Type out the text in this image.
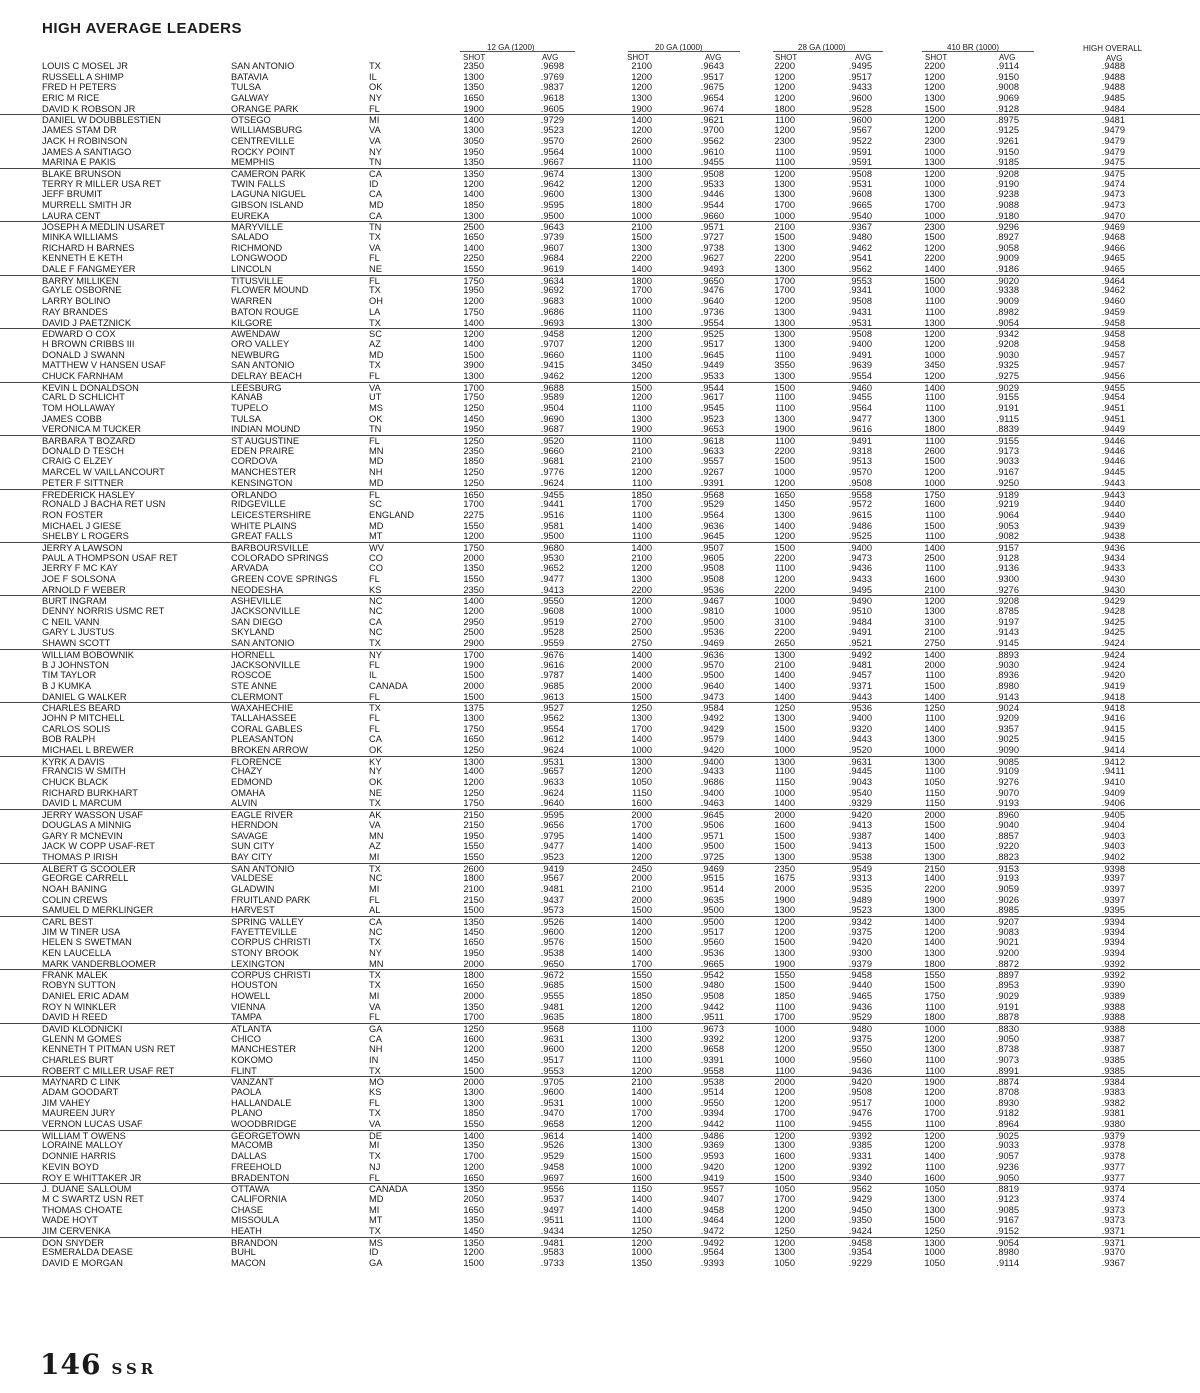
HIGH AVERAGE LEADERS
12 GA (1200)	20 GA (1000)	28 GA (1000)	410 BR (1000)	HIGH OVERALL
SHOT	AVG	SHOT	AVG	SHOT	AVG	SHOT	AVG	AVG
LOUIS C MOSEL JR	SAN ANTONIO	TX	2350	.9698	2100	.9643	2200	.9495	2200	.9114	.9488
RUSSELL A SHIMP	BATAVIA	IL	1300	.9769	1200	.9517	1200	.9517	1200	.9150	.9488
FRED H PETERS	TULSA	OK	1350	.9837	1200	.9675	1200	.9433	1200	.9008	.9488
ERIC M RICE	GALWAY	NY	1650	.9618	1300	.9654	1200	.9600	1300	.9069	.9485
DAVID K ROBSON JR	ORANGE PARK	FL	1900	.9605	1900	.9674	1800	.9528	1500	.9128	.9484
DANIEL W DOUBBLESTIEN	OTSEGO	MI	1400	.9729	1400	.9621	1100	.9600	1200	.8975	.9481
JAMES STAM DR	WILLIAMSBURG	VA	1300	.9523	1200	.9700	1200	.9567	1200	.9125	.9479
JACK H ROBINSON	CENTREVILLE	VA	3050	.9570	2600	.9562	2300	.9522	2300	.9261	.9479
JAMES A SANTIAGO	ROCKY POINT	NY	1950	.9564	1000	.9610	1100	.9591	1000	.9150	.9479
MARINA E PAKIS	MEMPHIS	TN	1350	.9667	1100	.9455	1100	.9591	1300	.9185	.9475
BLAKE BRUNSON	CAMERON PARK	CA	1350	.9674	1300	.9508	1200	.9508	1200	.9208	.9475
TERRY R MILLER USA RET	TWIN FALLS	ID	1200	.9642	1200	.9533	1300	.9531	1000	.9190	.9474
JEFF BRUMIT	LAGUNA NIGUEL	CA	1400	.9600	1300	.9446	1300	.9608	1300	.9238	.9473
MURRELL SMITH JR	GIBSON ISLAND	MD	1850	.9595	1800	.9544	1700	.9665	1700	.9088	.9473
LAURA CENT	EUREKA	CA	1300	.9500	1000	.9660	1000	.9540	1000	.9180	.9470
JOSEPH A MEDLIN USARET	MARYVILLE	TN	2500	.9643	2100	.9571	2100	.9367	2300	.9296	.9469
MINKA WILLIAMS	SALADO	TX	1650	.9739	1500	.9727	1500	.9480	1500	.8927	.9468
RICHARD H BARNES	RICHMOND	VA	1400	.9607	1300	.9738	1300	.9462	1200	.9058	.9466
KENNETH E KETH	LONGWOOD	FL	2250	.9684	2200	.9627	2200	.9541	2200	.9009	.9465
DALE F FANGMEYER	LINCOLN	NE	1550	.9619	1400	.9493	1300	.9562	1400	.9186	.9465
BARRY MILLIKEN	TITUSVILLE	FL	1750	.9634	1800	.9650	1700	.9553	1500	.9020	.9464
GAYLE OSBORNE	FLOWER MOUND	TX	1950	.9692	1700	.9476	1700	.9341	1000	.9338	.9462
LARRY BOLINO	WARREN	OH	1200	.9683	1000	.9640	1200	.9508	1100	.9009	.9460
RAY BRANDES	BATON ROUGE	LA	1750	.9686	1100	.9736	1300	.9431	1100	.8982	.9459
DAVID J PAETZNICK	KILGORE	TX	1400	.9693	1300	.9554	1300	.9531	1300	.9054	.9458
EDWARD O COX	AWENDAW	SC	1200	.9458	1200	.9525	1300	.9508	1200	.9342	.9458
H BROWN CRIBBS III	ORO VALLEY	AZ	1400	.9707	1200	.9517	1300	.9400	1200	.9208	.9458
DONALD J SWANN	NEWBURG	MD	1500	.9660	1100	.9645	1100	.9491	1000	.9030	.9457
MATTHEW V HANSEN USAF	SAN ANTONIO	TX	3900	.9415	3450	.9449	3550	.9639	3450	.9325	.9457
CHUCK FARNHAM	DELRAY BEACH	FL	1300	.9462	1200	.9533	1300	.9554	1200	.9275	.9456
KEVIN L DONALDSON	LEESBURG	VA	1700	.9688	1500	.9544	1500	.9460	1400	.9029	.9455
CARL D SCHLICHT	KANAB	UT	1750	.9589	1200	.9617	1100	.9455	1100	.9155	.9454
TOM HOLLAWAY	TUPELO	MS	1250	.9504	1100	.9545	1100	.9564	1100	.9191	.9451
JAMES COBB	TULSA	OK	1450	.9690	1300	.9523	1300	.9477	1300	.9115	.9451
VERONICA M TUCKER	INDIAN MOUND	TN	1950	.9687	1900	.9653	1900	.9616	1800	.8839	.9449
BARBARA T BOZARD	ST AUGUSTINE	FL	1250	.9520	1100	.9618	1100	.9491	1100	.9155	.9446
DONALD D TESCH	EDEN PRAIRE	MN	2350	.9660	2100	.9633	2200	.9318	2600	.9173	.9446
CRAIG C ELZEY	CORDOVA	MD	1850	.9681	2100	.9557	1500	.9513	1500	.9033	.9446
MARCEL W VAILLANCOURT	MANCHESTER	NH	1250	.9776	1200	.9267	1000	.9570	1200	.9167	.9445
PETER F SITTNER	KENSINGTON	MD	1250	.9624	1100	.9391	1200	.9508	1000	.9250	.9443
FREDERICK HASLEY	ORLANDO	FL	1650	.9455	1850	.9568	1650	.9558	1750	.9189	.9443
RONALD J BACHA RET USN	RIDGEVILLE	SC	1700	.9441	1700	.9529	1450	.9572	1600	.9219	.9440
RON FOSTER	LEICESTERSHIRE	ENGLAND	2275	.9516	1100	.9564	1300	.9615	1100	.9064	.9440
MICHAEL J GIESE	WHITE PLAINS	MD	1550	.9581	1400	.9636	1400	.9486	1500	.9053	.9439
SHELBY L ROGERS	GREAT FALLS	MT	1200	.9500	1100	.9645	1200	.9525	1100	.9082	.9438
JERRY A LAWSON	BARBOURSVILLE	WV	1750	.9680	1400	.9507	1500	.9400	1400	.9157	.9436
PAUL A THOMPSON USAF RET	COLORADO SPRINGS	CO	2000	.9530	2100	.9605	2200	.9473	2500	.9128	.9434
JERRY F MC KAY	ARVADA	CO	1350	.9652	1200	.9508	1100	.9436	1100	.9136	.9433
JOE F SOLSONA	GREEN COVE SPRINGS	FL	1550	.9477	1300	.9508	1200	.9433	1600	.9300	.9430
ARNOLD F WEBER	NEODESHA	KS	2350	.9413	2200	.9536	2200	.9495	2100	.9276	.9430
BURT INGRAM	ASHEVILLE	NC	1400	.9550	1200	.9467	1000	.9490	1200	.9208	.9429
DENNY NORRIS USMC RET	JACKSONVILLE	NC	1200	.9608	1000	.9810	1000	.9510	1300	.8785	.9428
C NEIL VANN	SAN DIEGO	CA	2950	.9519	2700	.9500	3100	.9484	3100	.9197	.9425
GARY L JUSTUS	SKYLAND	NC	2500	.9528	2500	.9536	2200	.9491	2100	.9143	.9425
SHAWN SCOTT	SAN ANTONIO	TX	2900	.9559	2750	.9469	2650	.9521	2750	.9145	.9424
WILLIAM BOBOWNIK	HORNELL	NY	1700	.9676	1400	.9636	1300	.9492	1400	.8893	.9424
B J JOHNSTON	JACKSONVILLE	FL	1900	.9616	2000	.9570	2100	.9481	2000	.9030	.9424
TIM TAYLOR	ROSCOE	IL	1500	.9787	1400	.9500	1400	.9457	1100	.8936	.9420
B J KUMKA	STE ANNE	CANADA	2000	.9685	2000	.9640	1400	.9371	1500	.8980	.9419
DANIEL G WALKER	CLERMONT	FL	1500	.9613	1500	.9473	1400	.9443	1400	.9143	.9418
CHARLES BEARD	WAXAHECHIE	TX	1375	.9527	1250	.9584	1250	.9536	1250	.9024	.9418
JOHN P MITCHELL	TALLAHASSEE	FL	1300	.9562	1300	.9492	1300	.9400	1100	.9209	.9416
CARLOS SOLIS	CORAL GABLES	FL	1750	.9554	1700	.9429	1500	.9320	1400	.9357	.9415
BOB RALPH	PLEASANTON	CA	1650	.9612	1400	.9579	1400	.9443	1300	.9025	.9415
MICHAEL L BREWER	BROKEN ARROW	OK	1250	.9624	1000	.9420	1000	.9520	1000	.9090	.9414
KYRK A DAVIS	FLORENCE	KY	1300	.9531	1300	.9400	1300	.9631	1300	.9085	.9412
FRANCIS W SMITH	CHAZY	NY	1400	.9657	1200	.9433	1100	.9445	1100	.9109	.9411
CHUCK BLACK	EDMOND	OK	1200	.9633	1050	.9686	1150	.9043	1050	.9276	.9410
RICHARD BURKHART	OMAHA	NE	1250	.9624	1150	.9400	1000	.9540	1150	.9070	.9409
DAVID L MARCUM	ALVIN	TX	1750	.9640	1600	.9463	1400	.9329	1150	.9193	.9406
JERRY WASSON USAF	EAGLE RIVER	AK	2150	.9595	2000	.9645	2000	.9420	2000	.8960	.9405
DOUGLAS A MINNIG	HERNDON	VA	2150	.9656	1700	.9506	1600	.9413	1500	.9040	.9404
GARY R MCNEVIN	SAVAGE	MN	1950	.9795	1400	.9571	1500	.9387	1400	.8857	.9403
JACK W COPP USAF-RET	SUN CITY	AZ	1550	.9477	1400	.9500	1500	.9413	1500	.9220	.9403
THOMAS P IRISH	BAY CITY	MI	1550	.9523	1200	.9725	1300	.9538	1300	.8823	.9402
ALBERT G SCOOLER	SAN ANTONIO	TX	2600	.9419	2450	.9469	2350	.9549	2150	.9153	.9398
GEORGE CARRELL	VALDESE	NC	1800	.9567	2000	.9515	1675	.9313	1400	.9193	.9397
NOAH BANING	GLADWIN	MI	2100	.9481	2100	.9514	2000	.9535	2200	.9059	.9397
COLIN CREWS	FRUITLAND PARK	FL	2150	.9437	2000	.9635	1900	.9489	1900	.9026	.9397
SAMUEL D MERKLINGER	HARVEST	AL	1500	.9573	1500	.9500	1300	.9523	1300	.8985	.9395
CARL BEST	SPRING VALLEY	CA	1350	.9526	1400	.9500	1200	.9342	1400	.9207	.9394
JIM W TINER USA	FAYETTEVILLE	NC	1450	.9600	1200	.9517	1200	.9375	1200	.9083	.9394
HELEN S SWETMAN	CORPUS CHRISTI	TX	1650	.9576	1500	.9560	1500	.9420	1400	.9021	.9394
KEN LAUCELLA	STONY BROOK	NY	1950	.9538	1400	.9536	1300	.9300	1300	.9200	.9394
MARK VANDERBLOOMER	LEXINGTON	MN	2000	.9650	1700	.9665	1900	.9379	1800	.8872	.9392
FRANK MALEK	CORPUS CHRISTI	TX	1800	.9672	1550	.9542	1550	.9458	1550	.8897	.9392
ROBYN SUTTON	HOUSTON	TX	1650	.9685	1500	.9480	1500	.9440	1500	.8953	.9390
DANIEL ERIC ADAM	HOWELL	MI	2000	.9555	1850	.9508	1850	.9465	1750	.9029	.9389
ROY N WINKLER	VIENNA	VA	1350	.9481	1200	.9442	1100	.9436	1100	.9191	.9388
DAVID H REED	TAMPA	FL	1700	.9635	1800	.9511	1700	.9529	1800	.8878	.9388
DAVID KLODNICKI	ATLANTA	GA	1250	.9568	1100	.9673	1000	.9480	1000	.8830	.9388
GLENN M GOMES	CHICO	CA	1600	.9631	1300	.9392	1200	.9375	1200	.9050	.9387
KENNETH T PITMAN USN RET	MANCHESTER	NH	1200	.9600	1200	.9658	1200	.9550	1300	.8738	.9387
CHARLES BURT	KOKOMO	IN	1450	.9517	1100	.9391	1000	.9560	1100	.9073	.9385
ROBERT C MILLER USAF RET	FLINT	TX	1500	.9553	1200	.9558	1100	.9436	1100	.8991	.9385
MAYNARD C LINK	VANZANT	MO	2000	.9705	2100	.9538	2000	.9420	1900	.8874	.9384
ADAM GOODART	PAOLA	KS	1300	.9600	1400	.9514	1200	.9508	1200	.8708	.9383
JIM VAHEY	HALLANDALE	FL	1300	.9531	1000	.9550	1200	.9517	1000	.8930	.9382
MAUREEN JURY	PLANO	TX	1850	.9470	1700	.9394	1700	.9476	1700	.9182	.9381
VERNON LUCAS USAF	WOODBRIDGE	VA	1550	.9658	1200	.9442	1100	.9455	1100	.8964	.9380
WILLIAM T OWENS	GEORGETOWN	DE	1400	.9614	1400	.9486	1200	.9392	1200	.9025	.9379
LORAINE MALLOY	MACOMB	MI	1350	.9526	1300	.9369	1300	.9385	1200	.9033	.9378
DONNIE HARRIS	DALLAS	TX	1700	.9529	1500	.9593	1600	.9331	1400	.9057	.9378
KEVIN BOYD	FREEHOLD	NJ	1200	.9458	1000	.9420	1200	.9392	1100	.9236	.9377
ROY E WHITTAKER JR	BRADENTON	FL	1650	.9697	1600	.9419	1500	.9340	1600	.9050	.9377
J. DUANE SALLOUM	OTTAWA	CANADA	1350	.9556	1150	.9557	1050	.9562	1050	.8819	.9374
M C SWARTZ USN RET	CALIFORNIA	MD	2050	.9537	1400	.9407	1700	.9429	1300	.9123	.9374
THOMAS CHOATE	CHASE	MI	1650	.9497	1400	.9458	1200	.9450	1300	.9085	.9373
WADE HOYT	MISSOULA	MT	1350	.9511	1100	.9464	1200	.9350	1500	.9167	.9373
JIM CERVENKA	HEATH	TX	1450	.9434	1250	.9472	1250	.9424	1250	.9152	.9371
DON SNYDER	BRANDON	MS	1350	.9481	1200	.9492	1200	.9458	1300	.9054	.9371
ESMERALDA DEASE	BUHL	ID	1200	.9583	1000	.9564	1300	.9354	1000	.8980	.9370
DAVID E MORGAN	MACON	GA	1500	.9733	1350	.9393	1050	.9229	1050	.9114	.9367
146 SSR
